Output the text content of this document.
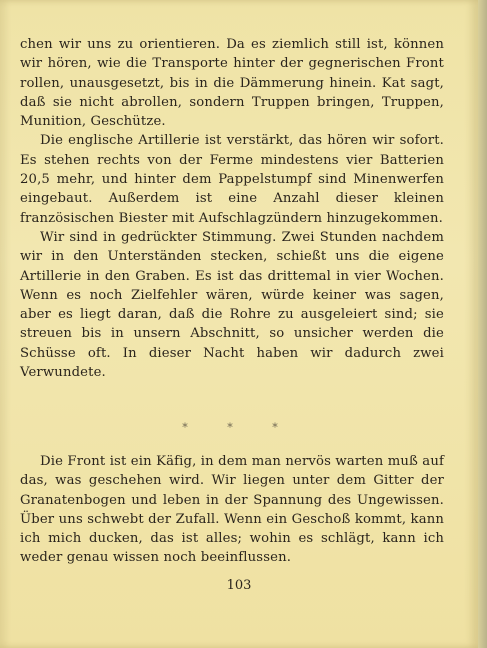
chen wir uns zu orientieren. Da es ziemlich still ist, können wir hören, wie die Transporte hinter der gegnerischen Front rollen, unausgesetzt, bis in die Dämmerung hinein. Kat sagt, daß sie nicht abrollen, sondern Truppen bringen, Truppen, Munition, Geschütze.

Die englische Artillerie ist verstärkt, das hören wir sofort. Es stehen rechts von der Ferme mindestens vier Batterien 20,5 mehr, und hinter dem Pappelstumpf sind Minenwerfen eingebaut. Außerdem ist eine Anzahl dieser kleinen französischen Biester mit Aufschlagzündern hinzugekommen.

Wir sind in gedrückter Stimmung. Zwei Stunden nachdem wir in den Unterständen stecken, schießt uns die eigene Artillerie in den Graben. Es ist das drittemal in vier Wochen. Wenn es noch Zielfehler wären, würde keiner was sagen, aber es liegt daran, daß die Rohre zu ausgeleiert sind; sie streuen bis in unsern Abschnitt, so unsicher werden die Schüsse oft. In dieser Nacht haben wir dadurch zwei Verwundete.

* * *

Die Front ist ein Käfig, in dem man nervös warten muß auf das, was geschehen wird. Wir liegen unter dem Gitter der Granatenbogen und leben in der Spannung des Ungewissen. Über uns schwebt der Zufall. Wenn ein Geschoß kommt, kann ich mich ducken, das ist alles; wohin es schlägt, kann ich weder genau wissen noch beeinflussen.

103
